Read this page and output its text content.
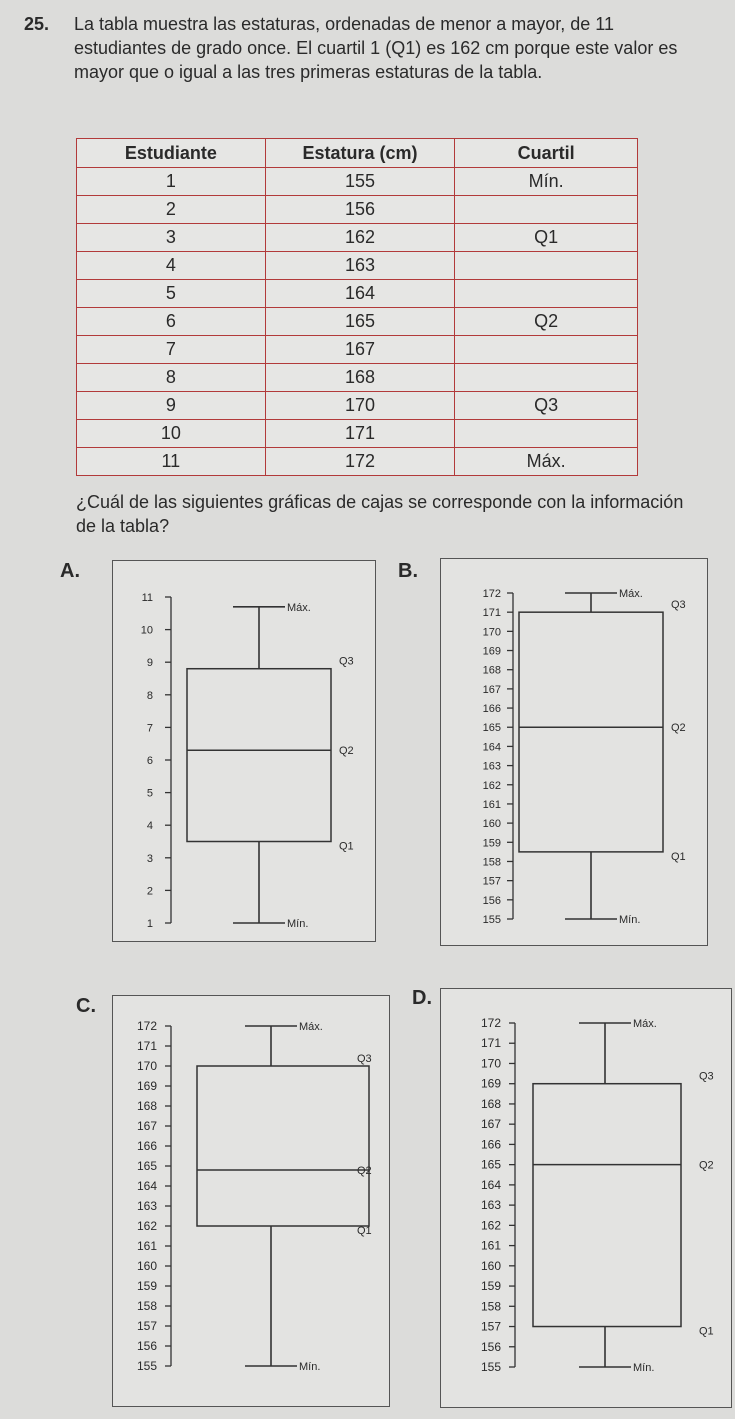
25. La tabla muestra las estaturas, ordenadas de menor a mayor, de 11 estudiantes de grado once. El cuartil 1 (Q1) es 162 cm porque este valor es mayor que o igual a las tres primeras estaturas de la tabla.
Estudiante	Estatura (cm)	Cuartil
1	155	Mín.
2	156	
3	162	Q1
4	163	
5	164	
6	165	Q2
7	167	
8	168	
9	170	Q3
10	171	
11	172	Máx.
¿Cuál de las siguientes gráficas de cajas se corresponde con la información de la tabla?
A.
1
2
3
4
5
6
7
8
9
10
11
Máx.
Q3
Q2
Q1
Mín.
B.
155
156
157
158
159
160
161
162
163
164
165
166
167
168
169
170
171
172	Máx.
Q3
Q2
Q1
Mín.
C.
155
156
157
158
159
160
161
162
163
164
165
166
167
168
169
170
171
172	Máx.
Q3
Q2
Q1
Mín.
D.
155
156
157
158
159
160
161
162
163
164
165
166
167
168
169
170
171
172	Máx.
Q3
Q2
Q1
Mín.
